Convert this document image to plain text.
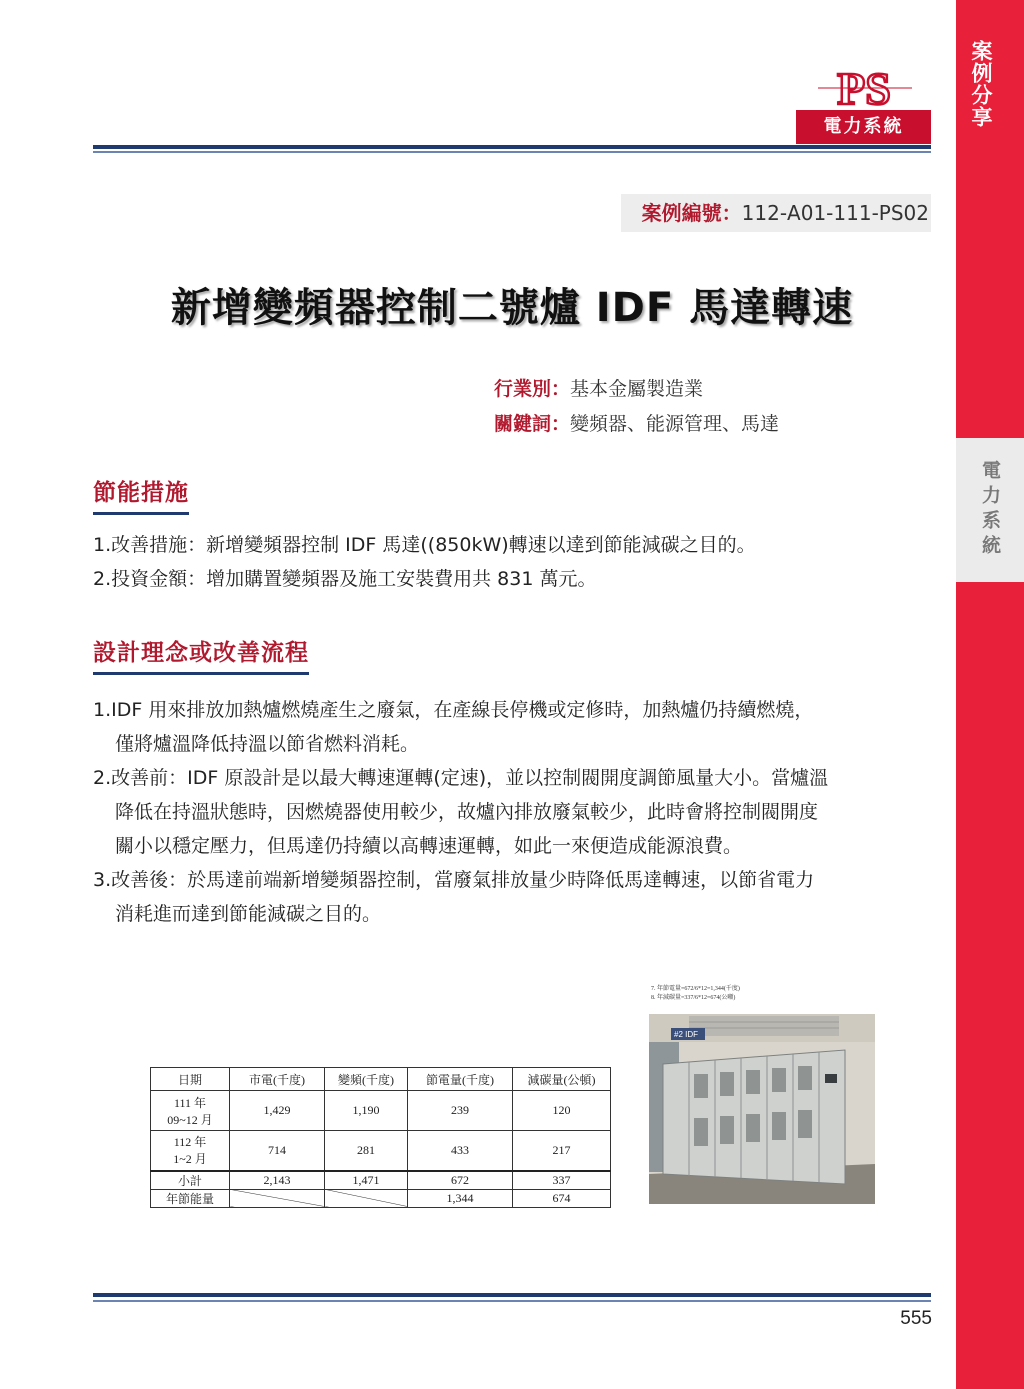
案例分享
電力系統
PS
電力系統
案例編號：112-A01-111-PS02
新增變頻器控制二號爐 IDF 馬達轉速
行業別：基本金屬製造業
關鍵詞：變頻器、能源管理、馬達
節能措施
1.改善措施：新增變頻器控制 IDF 馬達((850kW)轉速以達到節能減碳之目的。
2.投資金額：增加購置變頻器及施工安裝費用共 831 萬元。
設計理念或改善流程
1.IDF 用來排放加熱爐燃燒產生之廢氣，在產線長停機或定修時，加熱爐仍持續燃燒，
僅將爐溫降低持溫以節省燃料消耗。
2.改善前：IDF 原設計是以最大轉速運轉(定速)，並以控制閥開度調節風量大小。當爐溫
降低在持溫狀態時，因燃燒器使用較少，故爐內排放廢氣較少，此時會將控制閥開度
關小以穩定壓力，但馬達仍持續以高轉速運轉，如此一來便造成能源浪費。
3.改善後：於馬達前端新增變頻器控制，當廢氣排放量少時降低馬達轉速，以節省電力
消耗進而達到節能減碳之目的。
日期	市電(千度)	變頻(千度)	節電量(千度)	減碳量(公頓)

111 年
09~12 月	1,429	1,190	239	120

112 年
1~2 月	714	281	433	217
小計	2,143	1,471	672	337
年節能量			1,344	674
7. 年節電量=672/6*12=1,344(千度)
8. 年減碳量=337/6*12=674(公噸)
#2 IDF
555
